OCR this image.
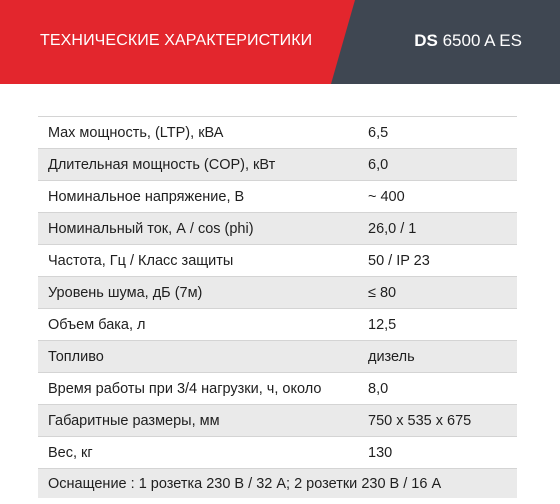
ТЕХНИЧЕСКИЕ ХАРАКТЕРИСТИКИ	DS 6500 A ES
Max мощность, (LTP), кВА	6,5
Длительная мощность (COP), кВт	6,0
Номинальное напряжение, В	~ 400
Номинальный ток, А / cos (phi)	26,0 / 1
Частота, Гц / Класс защиты	50 / IP 23
Уровень шума, дБ (7м)	≤ 80
Объем бака, л	12,5
Топливо	дизель
Время работы при 3/4 нагрузки, ч, около	8,0
Габаритные размеры, мм	750 x 535 x 675
Вес, кг	130
Оснащение : 1 розетка 230 В / 32 А; 2 розетки 230 В / 16 А
